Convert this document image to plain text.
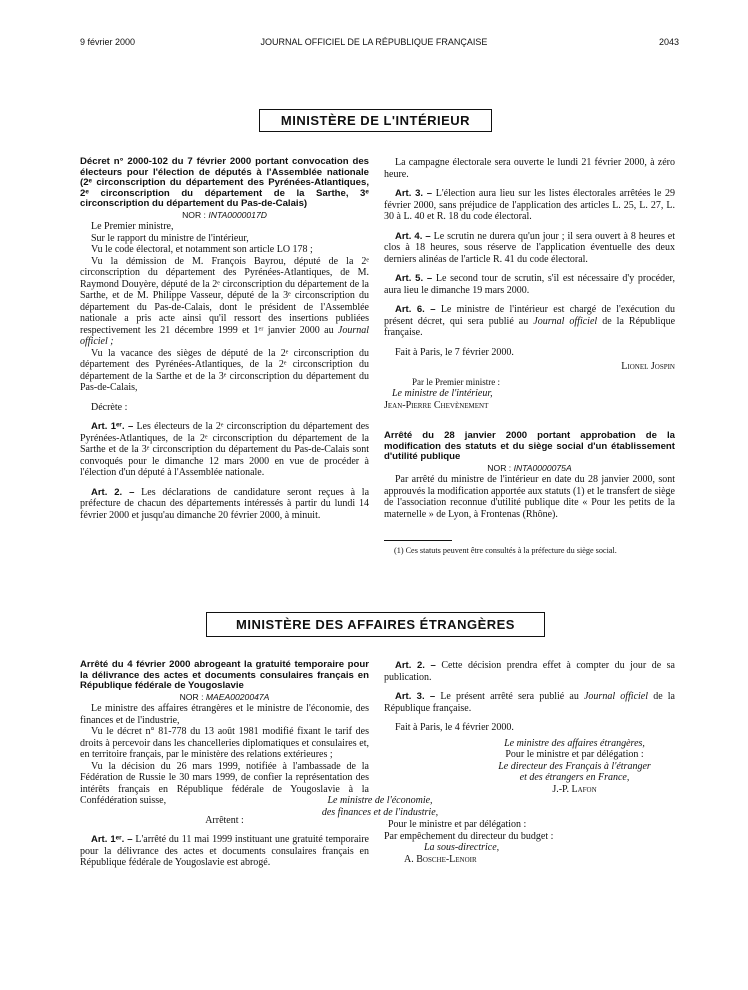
9 février 2000	JOURNAL OFFICIEL DE LA RÉPUBLIQUE FRANÇAISE	2043
MINISTÈRE DE L'INTÉRIEUR

Décret n° 2000-102 du 7 février 2000 portant convocation des électeurs pour l'élection de députés à l'Assemblée nationale (2ᵉ circonscription du département des Pyrénées-Atlantiques, 2ᵉ circonscription du département de la Sarthe, 3ᵉ circonscription du département du Pas-de-Calais)

NOR : INTA0000017D

Le Premier ministre,

Sur le rapport du ministre de l'intérieur,

Vu le code électoral, et notamment son article LO 178 ;

Vu la démission de M. François Bayrou, député de la 2ᵉ circonscription du département des Pyrénées-Atlantiques, de M. Raymond Douyère, député de la 2ᵉ circonscription du département de la Sarthe, et de M. Philippe Vasseur, député de la 3ᵉ circonscription du département du Pas-de-Calais, dont le président de l'Assemblée nationale a pris acte ainsi qu'il ressort des insertions publiées respectivement les 21 décembre 1999 et 1ᵉʳ janvier 2000 au Journal officiel ;

Vu la vacance des sièges de député de la 2ᵉ circonscription du département des Pyrénées-Atlantiques, de la 2ᵉ circonscription du département de la Sarthe et de la 3ᵉ circonscription du département du Pas-de-Calais,

Décrète :

Art. 1ᵉʳ. – Les électeurs de la 2ᵉ circonscription du département des Pyrénées-Atlantiques, de la 2ᵉ circonscription du département de la Sarthe et de la 3ᵉ circonscription du département du Pas-de-Calais sont convoqués pour le dimanche 12 mars 2000 en vue de procéder à l'élection d'un député à l'Assemblée nationale.

Art. 2. – Les déclarations de candidature seront reçues à la préfecture de chacun des départements intéressés à partir du lundi 14 février 2000 et jusqu'au dimanche 20 février 2000, à minuit.

La campagne électorale sera ouverte le lundi 21 février 2000, à zéro heure.

Art. 3. – L'élection aura lieu sur les listes électorales arrêtées le 29 février 2000, sans préjudice de l'application des articles L. 25, L. 27, L. 30 à L. 40 et R. 18 du code électoral.

Art. 4. – Le scrutin ne durera qu'un jour ; il sera ouvert à 8 heures et clos à 18 heures, sous réserve de l'application éventuelle des deux derniers alinéas de l'article R. 41 du code électoral.

Art. 5. – Le second tour de scrutin, s'il est nécessaire d'y procéder, aura lieu le dimanche 19 mars 2000.

Art. 6. – Le ministre de l'intérieur est chargé de l'exécution du présent décret, qui sera publié au Journal officiel de la République française.

Fait à Paris, le 7 février 2000.

Lionel Jospin

Par le Premier ministre :

Le ministre de l'intérieur,

Jean-Pierre Chevènement

Arrêté du 28 janvier 2000 portant approbation de la modification des statuts et du siège social d'un établissement d'utilité publique

NOR : INTA0000075A

Par arrêté du ministre de l'intérieur en date du 28 janvier 2000, sont approuvés la modification apportée aux statuts (1) et le transfert de siège de l'association reconnue d'utilité publique dite « Pour les petits de la maternelle » de Lyon, à Frontenas (Rhône).

(1) Ces statuts peuvent être consultés à la préfecture du siège social.
MINISTÈRE DES AFFAIRES ÉTRANGÈRES

Arrêté du 4 février 2000 abrogeant la gratuité temporaire pour la délivrance des actes et documents consulaires français en République fédérale de Yougoslavie

NOR : MAEA0020047A

Le ministre des affaires étrangères et le ministre de l'économie, des finances et de l'industrie,

Vu le décret n° 81-778 du 13 août 1981 modifié fixant le tarif des droits à percevoir dans les chancelleries diplomatiques et consulaires et, en territoire français, par le ministère des relations extérieures ;

Vu la décision du 26 mars 1999, notifiée à l'ambassade de la Fédération de Russie le 30 mars 1999, de confier la représentation des intérêts français en République fédérale de Yougoslavie à la Confédération suisse,

Arrêtent :

Art. 1ᵉʳ. – L'arrêté du 11 mai 1999 instituant une gratuité temporaire pour la délivrance des actes et documents consulaires français en République fédérale de Yougoslavie est abrogé.

Art. 2. – Cette décision prendra effet à compter du jour de sa publication.

Art. 3. – Le présent arrêté sera publié au Journal officiel de la République française.

Fait à Paris, le 4 février 2000.

Le ministre des affaires étrangères,
Pour le ministre et par délégation :
Le directeur des Français à l'étranger
et des étrangers en France,
J.-P. Lafon
Le ministre de l'économie,
des finances et de l'industrie,
Pour le ministre et par délégation :
Par empêchement du directeur du budget :
La sous-directrice,
A. Bosche-Lenoir
